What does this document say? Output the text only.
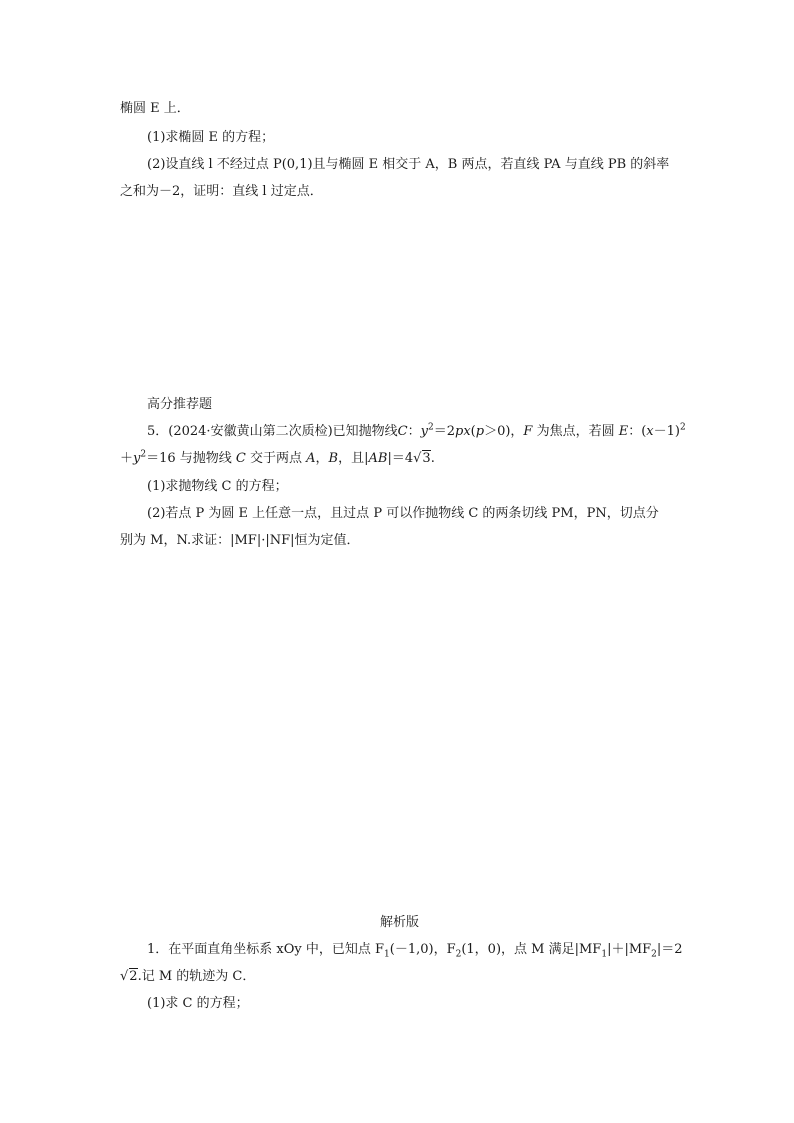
椭圆 E 上．
(1)求椭圆 E 的方程；
(2)设直线 l 不经过点 P(0,1)且与椭圆 E 相交于 A，B 两点，若直线 PA 与直线 PB 的斜率
之和为－2，证明：直线 l 过定点．
高分推荐题
5．(2024·安徽黄山第二次质检)已知抛物线C：$y^2=2px(p>0)$，F 为焦点，若圆 E：$(x-1)^2$
$+y^2=16$ 与抛物线 C 交于两点 A，B，且|AB|＝4√3.
(1)求抛物线 C 的方程；
(2)若点 P 为圆 E 上任意一点，且过点 P 可以作抛物线 C 的两条切线 PM，PN，切点分
别为 M，N.求证：|MF|·|NF|恒为定值．
解析版
1．在平面直角坐标系 xOy 中，已知点 $F_1(-1,0)$，$F_2(1$，0)，点 M 满足$|MF_1|+|MF_2|=2$
√2.记 M 的轨迹为 C．
(1)求 C 的方程；
